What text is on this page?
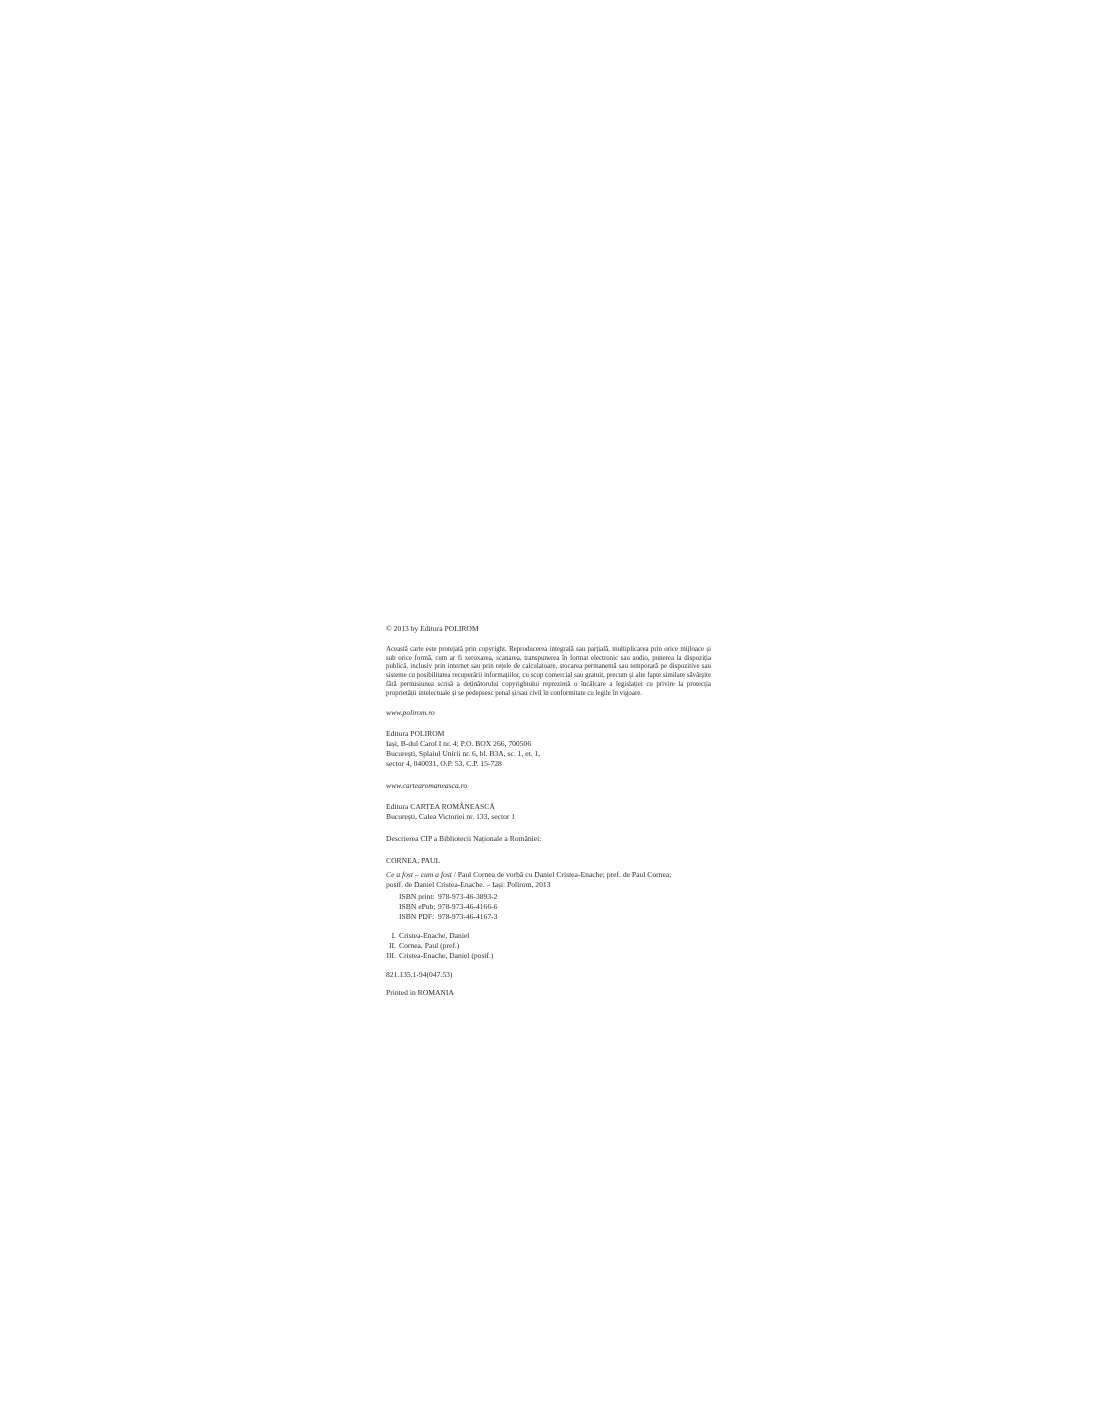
© 2013 by Editura POLIROM

Această carte este protejată prin copyright. Reproducerea integrală sau parțială, multiplicarea prin orice mijloace și sub orice formă, cum ar fi xeroxarea, scanarea, transpunerea în format electronic sau audio, punerea la dispoziția publică, inclusiv prin internet sau prin rețele de calculatoare, stocarea permanentă sau temporară pe dispozitive sau sisteme cu posibilitatea recuperării informațiilor, cu scop comercial sau gratuit, precum și alte fapte similare săvârșite fără permisiunea scrisă a deținătorului copyrightului reprezintă o încălcare a legislației cu privire la protecția proprietății intelectuale și se pedepsesc penal și/sau civil în conformitate cu legile în vigoare.

www.polirom.ro

Editura POLIROM
Iași, B-dul Carol I nr. 4; P.O. BOX 266, 700506
București, Splaiul Unirii nr. 6, bl. B3A, sc. 1, et. 1,
sector 4, 040031, O.P. 53, C.P. 15-728

www.cartearomaneasca.ro

Editura CARTEA ROMÂNEASCĂ
București, Calea Victoriei nr. 133, sector 1

Descrierea CIP a Bibliotecii Naționale a României:

CORNEA, PAUL
Ce a fost – cum a fost / Paul Cornea de vorbă cu Daniel Cristea-Enache; pref. de Paul Cornea;
postf. de Daniel Cristea-Enache. – Iași: Polirom, 2013
ISBN print: 978-973-46-3893-2
ISBN ePub: 978-973-46-4166-6
ISBN PDF: 978-973-46-4167-3
I. Cristea-Enache, Daniel
II. Cornea, Paul (pref.)
III. Cristea-Enache, Daniel (postf.)

821.135.1-94(047.53)

Printed in ROMANIA
